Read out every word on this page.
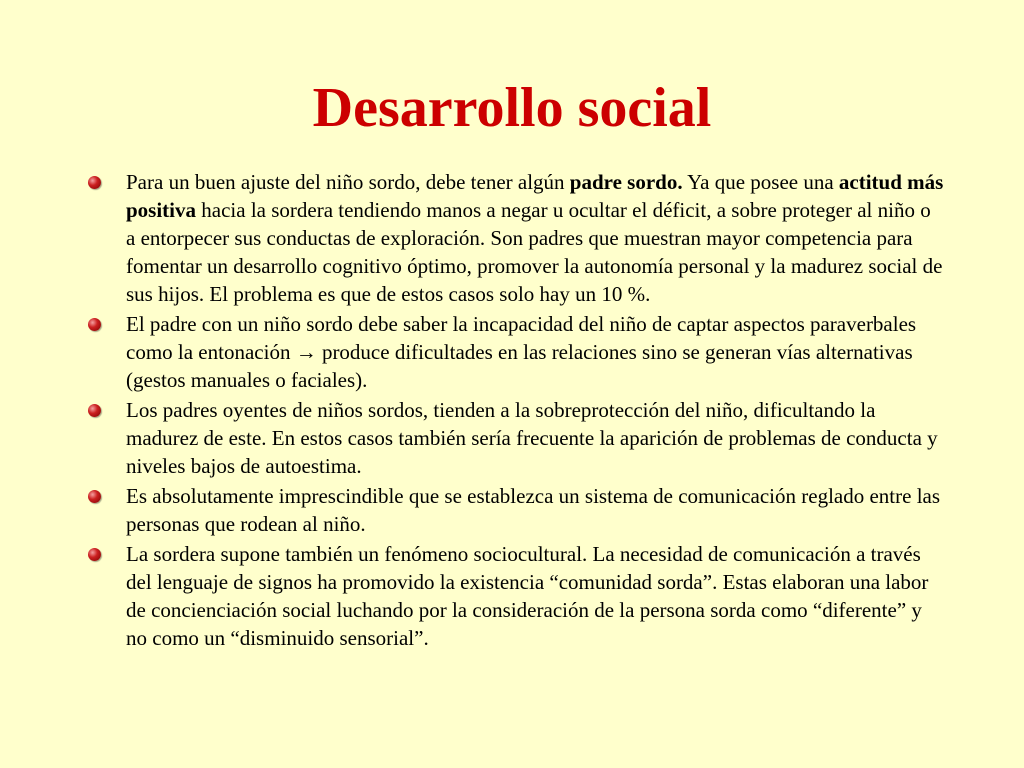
Desarrollo social
Para un buen ajuste del niño sordo, debe tener algún padre sordo. Ya que posee una actitud más positiva hacia la sordera tendiendo manos a negar u ocultar el déficit, a sobre proteger al niño o a entorpecer sus conductas de exploración. Son padres que muestran mayor competencia para fomentar un desarrollo cognitivo óptimo, promover la autonomía personal y la madurez social de sus hijos. El problema es que de estos casos solo hay un 10 %.
El padre con un niño sordo debe saber la incapacidad del niño de captar aspectos paraverbales como la entonación → produce dificultades en las relaciones sino se generan vías alternativas (gestos manuales o faciales).
Los padres oyentes de niños sordos, tienden a la sobreprotección del niño, dificultando la madurez de este. En estos casos también sería frecuente la aparición de problemas de conducta y niveles bajos de autoestima.
Es absolutamente imprescindible que se establezca un sistema de comunicación reglado entre las personas que rodean al niño.
La sordera supone también un fenómeno sociocultural. La necesidad de comunicación a través del lenguaje de signos ha promovido la existencia “comunidad sorda”. Estas elaboran una labor de concienciación social luchando por la consideración de la persona sorda como “diferente” y no como un “disminuido sensorial”.
